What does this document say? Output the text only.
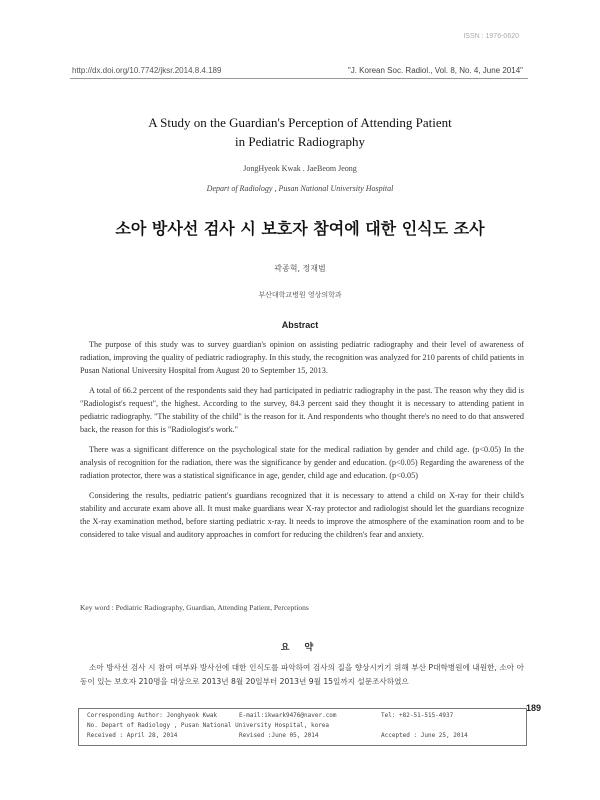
ISSN : 1976-0620
http://dx.doi.org/10.7742/jksr.2014.8.4.189	"J. Korean Soc. Radiol., Vol. 8, No. 4, June 2014"
A Study on the Guardian's Perception of Attending Patient
in Pediatric Radiography
JongHyeok Kwak . JaeBeom Jeong
Depart of Radiology , Pusan National University Hospital
소아 방사선 검사 시 보호자 참여에 대한 인식도 조사
곽종혁, 정재범
부산대학교병원 영상의학과
Abstract

The purpose of this study was to survey guardian's opinion on assisting pediatric radiography and their level of awareness of radiation, improving the quality of pediatric radiography. In this study, the recognition was analyzed for 210 parents of child patients in Pusan National University Hospital from August 20 to September 15, 2013.

A total of 66.2 percent of the respondents said they had participated in pediatric radiography in the past. The reason why they did is "Radiologist's request", the highest. According to the survey, 84.3 percent said they thought it is necessary to attending patient in pediatric radiography. "The stability of the child" is the reason for it. And respondents who thought there's no need to do that answered back, the reason for this is "Radiologist's work."

There was a significant difference on the psychological state for the medical radiation by gender and child age. (p<0.05) In the analysis of recognition for the radiation, there was the significance by gender and education. (p<0.05) Regarding the awareness of the radiation protector, there was a statistical significance in age, gender, child age and education. (p<0.05)

Considering the results, pediatric patient's guardians recognized that it is necessary to attend a child on X-ray for their child's stability and accurate exam above all. It must make guardians wear X-ray protector and radiologist should let the guardians recognize the X-ray examination method, before starting pediatric x-ray. It needs to improve the atmosphere of the examination room and to be considered to take visual and auditory approaches in comfort for reducing the children's fear and anxiety.

Key word : Pediatric Radiography, Guardian, Attending Patient, Perceptions
요 약
소아 방사선 검사 시 참여 여부와 방사선에 대한 인식도를 파악하여 검사의 질을 향상시키기 위해 부산 P대학병원에 내원한, 소아 아동이 있는 보호자 210명을 대상으로 2013년 8월 20일부터 2013년 9월 15일까지 설문조사하였으
189
Corresponding Author: Jonghyeok Kwak	E-mail:ikwark9476@naver.com	Tel: +82-51-515-4937
No. Depart of Radiology , Pusan National University Hospital, korea
Received : April 28, 2014	Revised :June 05, 2014	Accepted : June 25, 2014
